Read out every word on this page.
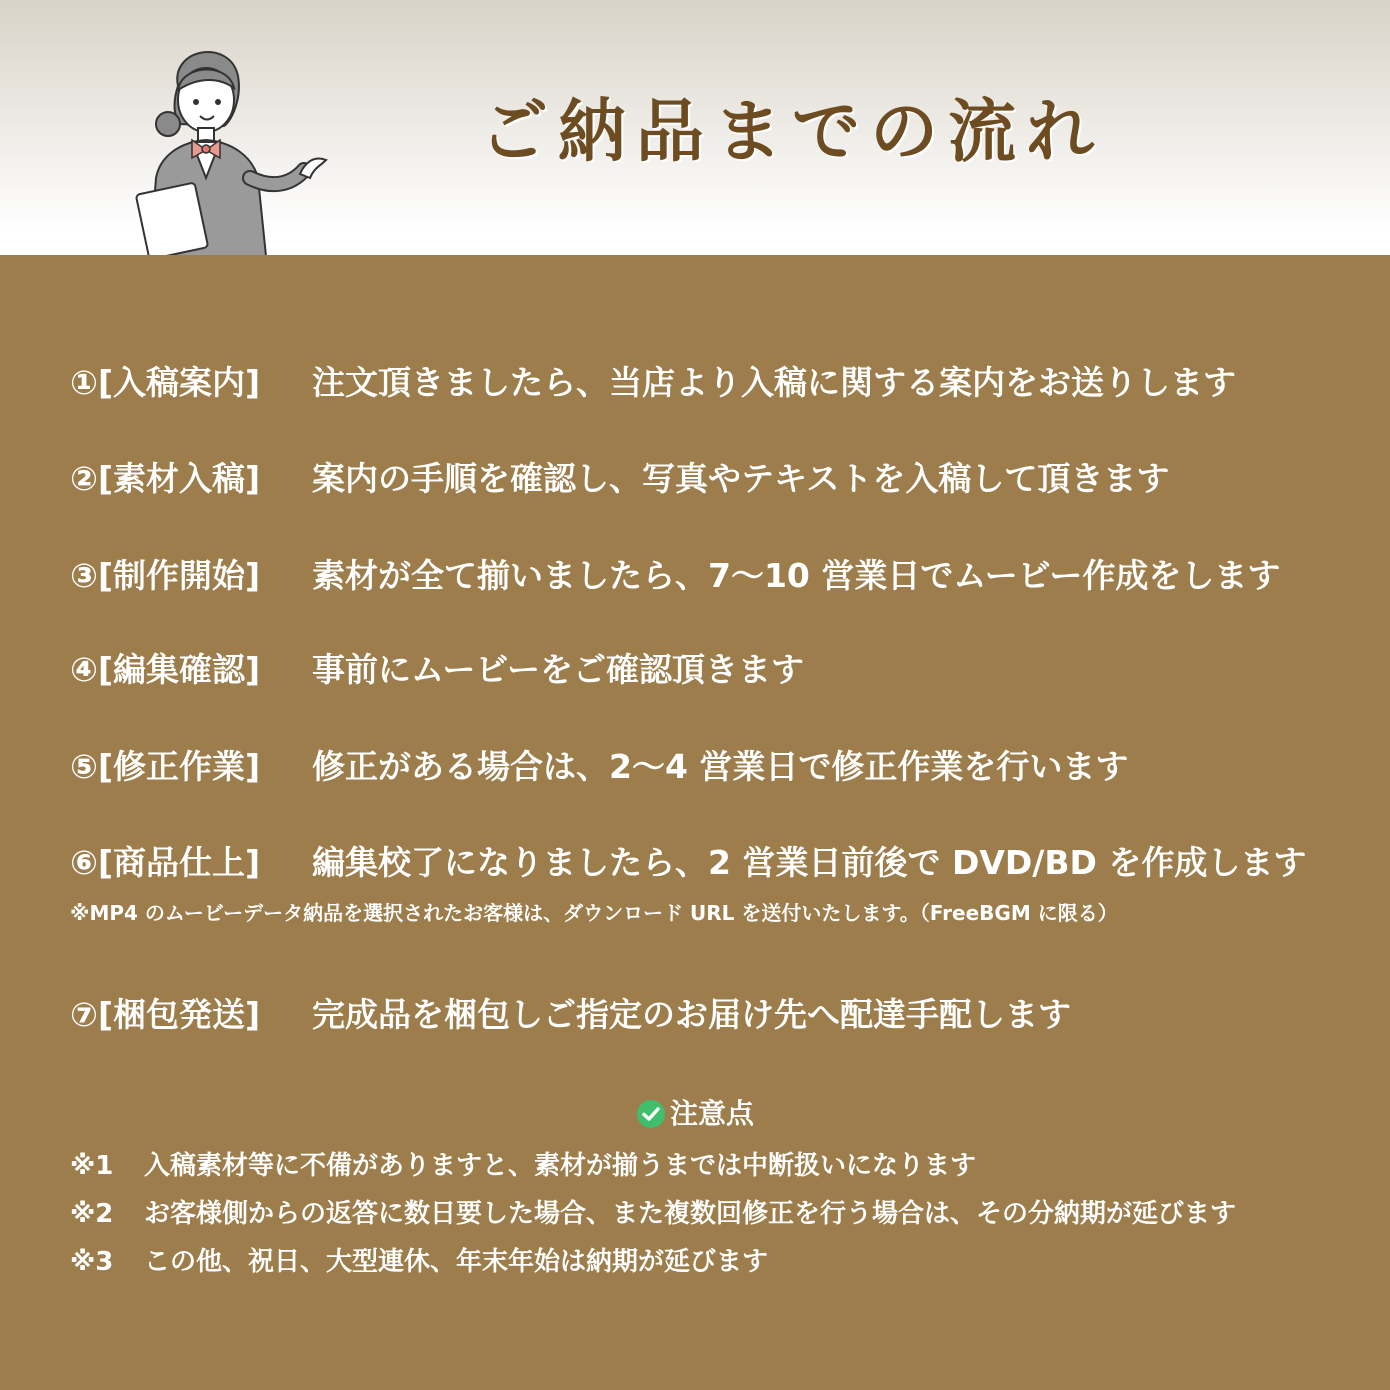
ご納品までの流れ
①[入稿案内] 注文頂きましたら、当店より入稿に関する案内をお送りします
②[素材入稿] 案内の手順を確認し、写真やテキストを入稿して頂きます
③[制作開始] 素材が全て揃いましたら、7～10 営業日でムービー作成をします
④[編集確認] 事前にムービーをご確認頂きます
⑤[修正作業] 修正がある場合は、2～4 営業日で修正作業を行います
⑥[商品仕上] 編集校了になりましたら、2 営業日前後で DVD/BD を作成します
※MP4 のムービーデータ納品を選択されたお客様は、ダウンロード URL を送付いたします。（FreeBGM に限る）
⑦[梱包発送] 完成品を梱包しご指定のお届け先へ配達手配します
注意点
※1 入稿素材等に不備がありますと、素材が揃うまでは中断扱いになります
※2 お客様側からの返答に数日要した場合、また複数回修正を行う場合は、その分納期が延びます
※3 この他、祝日、大型連休、年末年始は納期が延びます
